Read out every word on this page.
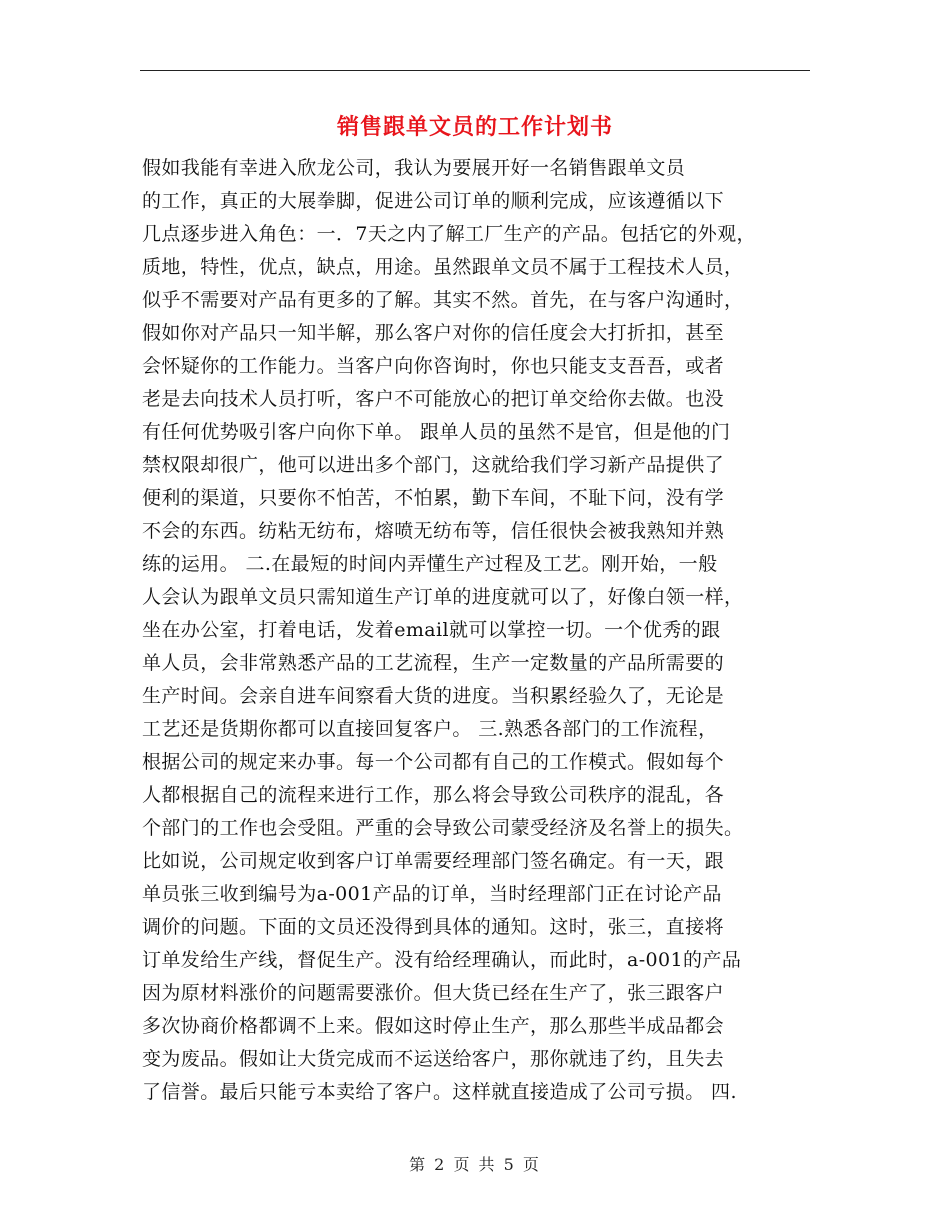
销售跟单文员的工作计划书
假如我能有幸进入欣龙公司，我认为要展开好一名销售跟单文员
的工作，真正的大展拳脚，促进公司订单的顺利完成，应该遵循以下
几点逐步进入角色：一．7天之内了解工厂生产的产品。包括它的外观，
质地，特性，优点，缺点，用途。虽然跟单文员不属于工程技术人员，
似乎不需要对产品有更多的了解。其实不然。首先，在与客户沟通时，
假如你对产品只一知半解，那么客户对你的信任度会大打折扣，甚至
会怀疑你的工作能力。当客户向你咨询时，你也只能支支吾吾，或者
老是去向技术人员打听，客户不可能放心的把订单交给你去做。也没
有任何优势吸引客户向你下单。 跟单人员的虽然不是官，但是他的门
禁权限却很广，他可以进出多个部门，这就给我们学习新产品提供了
便利的渠道，只要你不怕苦，不怕累，勤下车间，不耻下问，没有学
不会的东西。纺粘无纺布，熔喷无纺布等，信任很快会被我熟知并熟
练的运用。 二.在最短的时间内弄懂生产过程及工艺。刚开始，一般
人会认为跟单文员只需知道生产订单的进度就可以了，好像白领一样，
坐在办公室，打着电话，发着email就可以掌控一切。一个优秀的跟
单人员，会非常熟悉产品的工艺流程，生产一定数量的产品所需要的
生产时间。会亲自进车间察看大货的进度。当积累经验久了，无论是
工艺还是货期你都可以直接回复客户。 三.熟悉各部门的工作流程，
根据公司的规定来办事。每一个公司都有自己的工作模式。假如每个
人都根据自己的流程来进行工作，那么将会导致公司秩序的混乱，各
个部门的工作也会受阻。严重的会导致公司蒙受经济及名誉上的损失。
比如说，公司规定收到客户订单需要经理部门签名确定。有一天，跟
单员张三收到编号为a-001产品的订单，当时经理部门正在讨论产品
调价的问题。下面的文员还没得到具体的通知。这时，张三，直接将
订单发给生产线，督促生产。没有给经理确认，而此时，a-001的产品
因为原材料涨价的问题需要涨价。但大货已经在生产了，张三跟客户
多次协商价格都调不上来。假如这时停止生产，那么那些半成品都会
变为废品。假如让大货完成而不运送给客户，那你就违了约，且失去
了信誉。最后只能亏本卖给了客户。这样就直接造成了公司亏损。 四.
第 2 页 共 5 页
